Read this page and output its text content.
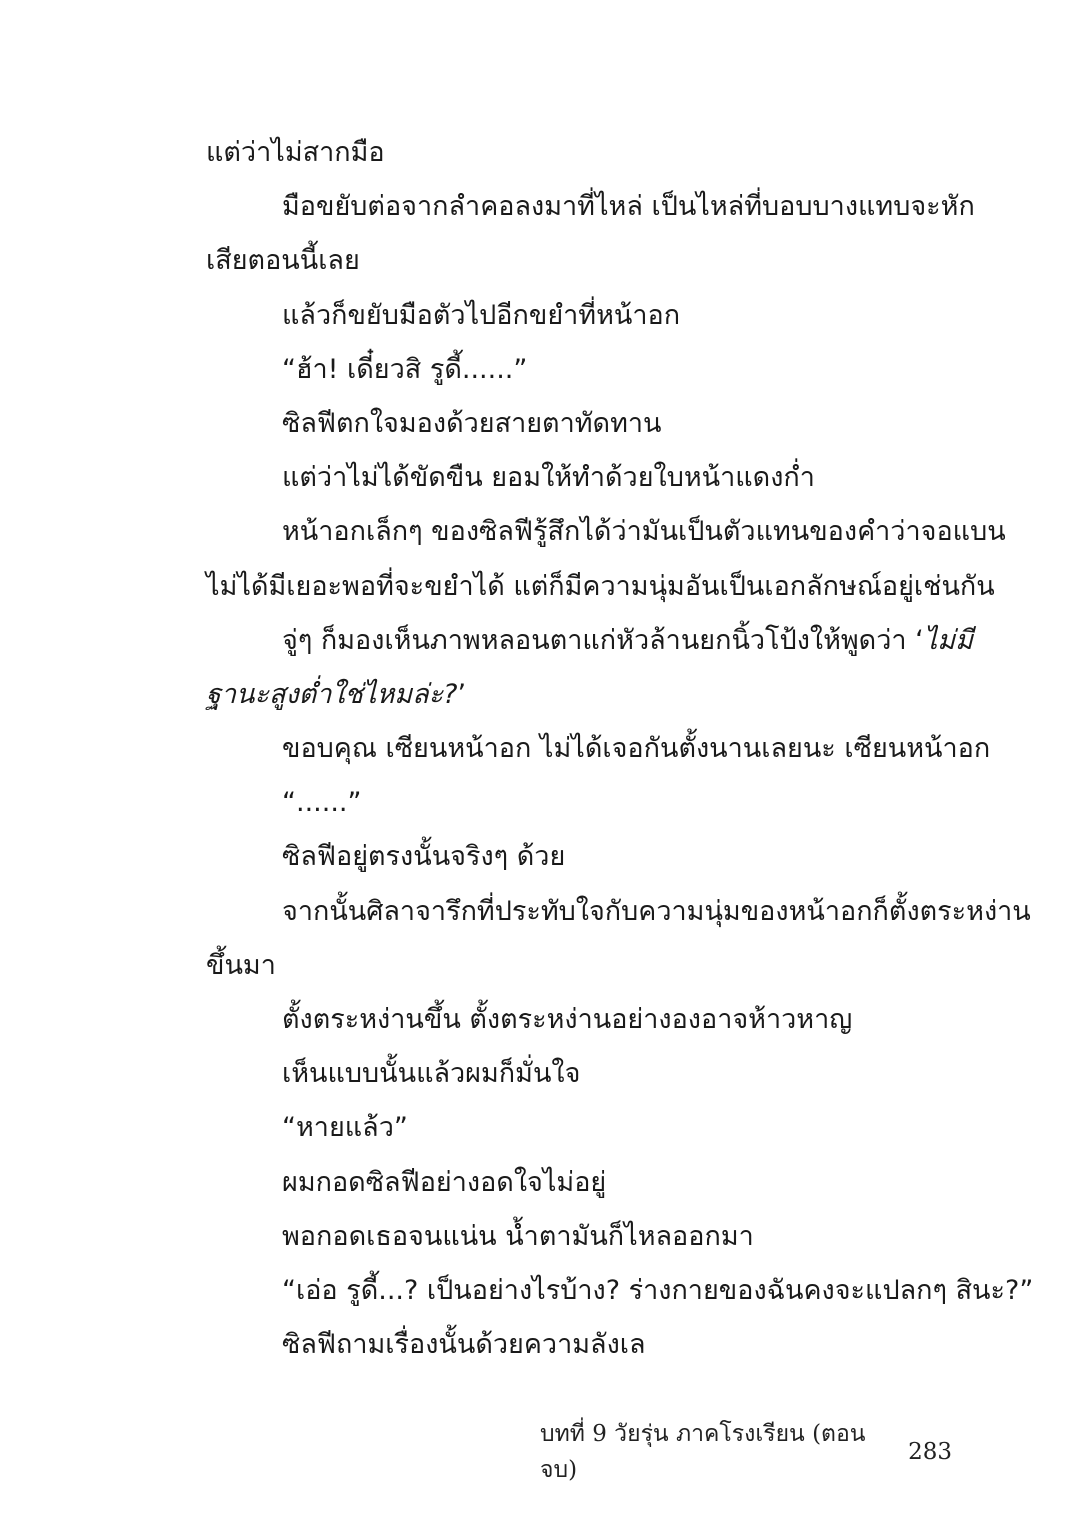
แต่ว่าไม่สากมือ
มือขยับต่อจากลำคอลงมาที่ไหล่ เป็นไหล่ที่บอบบางแทบจะหัก
เสียตอนนี้เลย
แล้วก็ขยับมือตัวไปอีกขยำที่หน้าอก
“ฮ้า! เดี๋ยวสิ รูดี้......”
ซิลฟีตกใจมองด้วยสายตาทัดทาน
แต่ว่าไม่ได้ขัดขืน ยอมให้ทำด้วยใบหน้าแดงก่ำ
หน้าอกเล็กๆ ของซิลฟีรู้สึกได้ว่ามันเป็นตัวแทนของคำว่าจอแบน
ไม่ได้มีเยอะพอที่จะขยำได้ แต่ก็มีความนุ่มอันเป็นเอกลักษณ์อยู่เช่นกัน
จู่ๆ ก็มองเห็นภาพหลอนตาแก่หัวล้านยกนิ้วโป้งให้พูดว่า ‘ไม่มี
ฐานะสูงต่ำใช่ไหมล่ะ?’
ขอบคุณ เซียนหน้าอก ไม่ได้เจอกันตั้งนานเลยนะ เซียนหน้าอก
“......”
ซิลฟีอยู่ตรงนั้นจริงๆ ด้วย
จากนั้นศิลาจารึกที่ประทับใจกับความนุ่มของหน้าอกก็ตั้งตระหง่าน
ขึ้นมา
ตั้งตระหง่านขึ้น ตั้งตระหง่านอย่างองอาจห้าวหาญ
เห็นแบบนั้นแล้วผมก็มั่นใจ
“หายแล้ว”
ผมกอดซิลฟีอย่างอดใจไม่อยู่
พอกอดเธอจนแน่น น้ำตามันก็ไหลออกมา
“เอ่อ รูดี้...? เป็นอย่างไรบ้าง? ร่างกายของฉันคงจะแปลกๆ สินะ?”
ซิลฟีถามเรื่องนั้นด้วยความลังเล
บทที่ 9 วัยรุ่น ภาคโรงเรียน (ตอนจบ)
283
